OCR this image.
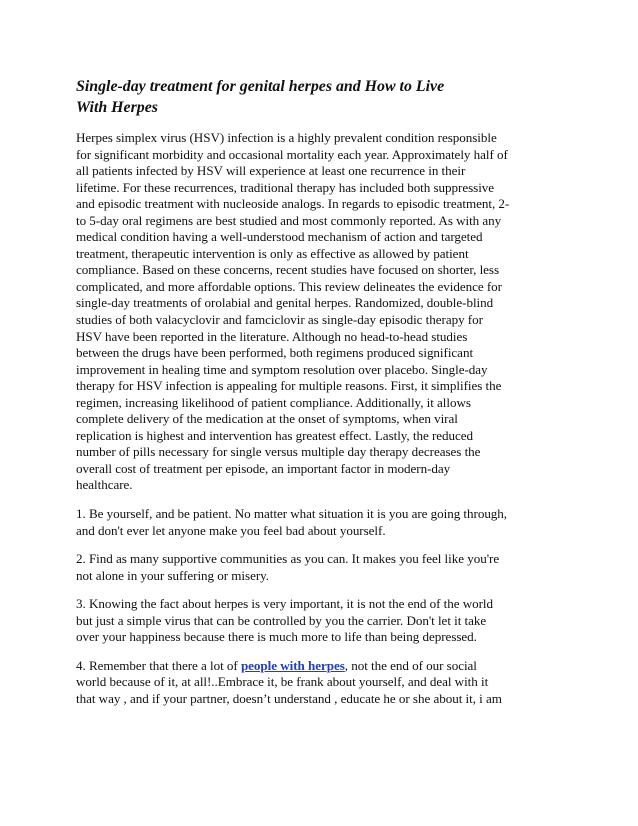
Single-day treatment for genital herpes and How to Live
With Herpes
Herpes simplex virus (HSV) infection is a highly prevalent condition responsible
for significant morbidity and occasional mortality each year. Approximately half of
all patients infected by HSV will experience at least one recurrence in their
lifetime. For these recurrences, traditional therapy has included both suppressive
and episodic treatment with nucleoside analogs. In regards to episodic treatment, 2-
to 5-day oral regimens are best studied and most commonly reported. As with any
medical condition having a well-understood mechanism of action and targeted
treatment, therapeutic intervention is only as effective as allowed by patient
compliance. Based on these concerns, recent studies have focused on shorter, less
complicated, and more affordable options. This review delineates the evidence for
single-day treatments of orolabial and genital herpes. Randomized, double-blind
studies of both valacyclovir and famciclovir as single-day episodic therapy for
HSV have been reported in the literature. Although no head-to-head studies
between the drugs have been performed, both regimens produced significant
improvement in healing time and symptom resolution over placebo. Single-day
therapy for HSV infection is appealing for multiple reasons. First, it simplifies the
regimen, increasing likelihood of patient compliance. Additionally, it allows
complete delivery of the medication at the onset of symptoms, when viral
replication is highest and intervention has greatest effect. Lastly, the reduced
number of pills necessary for single versus multiple day therapy decreases the
overall cost of treatment per episode, an important factor in modern-day
healthcare.
1. Be yourself, and be patient. No matter what situation it is you are going through,
and don't ever let anyone make you feel bad about yourself.
2. Find as many supportive communities as you can. It makes you feel like you're
not alone in your suffering or misery.
3. Knowing the fact about herpes is very important, it is not the end of the world
but just a simple virus that can be controlled by you the carrier. Don't let it take
over your happiness because there is much more to life than being depressed.
4. Remember that there a lot of people with herpes, not the end of our social
world because of it, at all!..Embrace it, be frank about yourself, and deal with it
that way , and if your partner, doesn’t understand , educate he or she about it, i am
